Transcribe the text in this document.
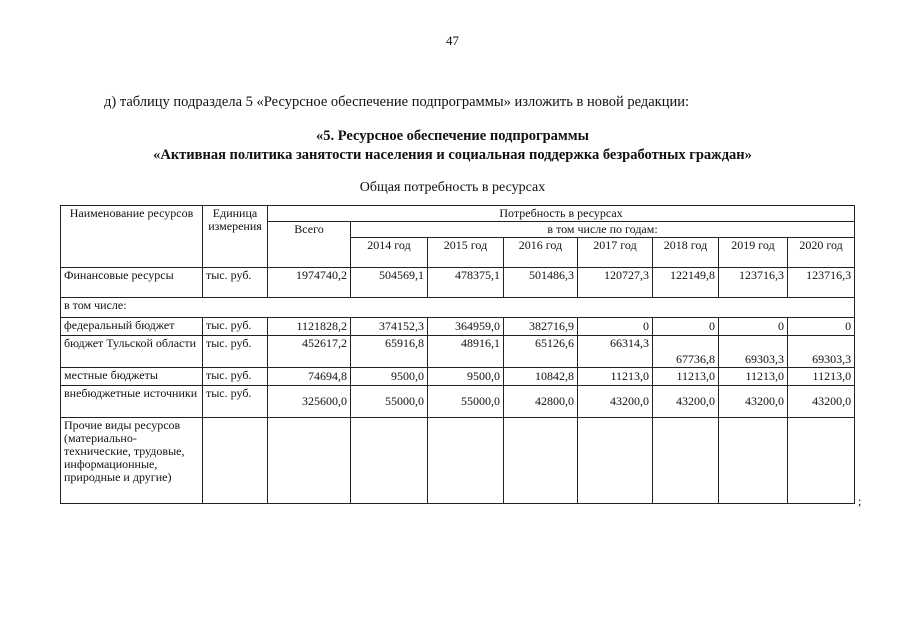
47
д) таблицу подраздела 5 «Ресурсное обеспечение подпрограммы» изложить в новой редакции:
«5. Ресурсное обеспечение подпрограммы
«Активная политика занятости населения и социальная поддержка безработных граждан»
Общая потребность в ресурсах
Наименование ресурсов	Единица измерения	Потребность в ресурсах							
		Всего	в том числе по годам:						
			2014 год	2015 год	2016 год	2017 год	2018 год	2019 год	2020 год
Финансовые ресурсы	тыс. руб.	1974740,2	504569,1	478375,1	501486,3	120727,3	122149,8	123716,3	123716,3
в том числе:									
федеральный бюджет	тыс. руб.	1121828,2	374152,3	364959,0	382716,9	0	0	0	0
бюджет Тульской области	тыс. руб.	452617,2	65916,8	48916,1	65126,6	66314,3	67736,8	69303,3	69303,3
местные бюджеты	тыс. руб.	74694,8	9500,0	9500,0	10842,8	11213,0	11213,0	11213,0	11213,0
внебюджетные источники	тыс. руб.	325600,0	55000,0	55000,0	42800,0	43200,0	43200,0	43200,0	43200,0
Прочие виды ресурсов (материально-технические, трудовые, информационные, природные и другие)									
;
